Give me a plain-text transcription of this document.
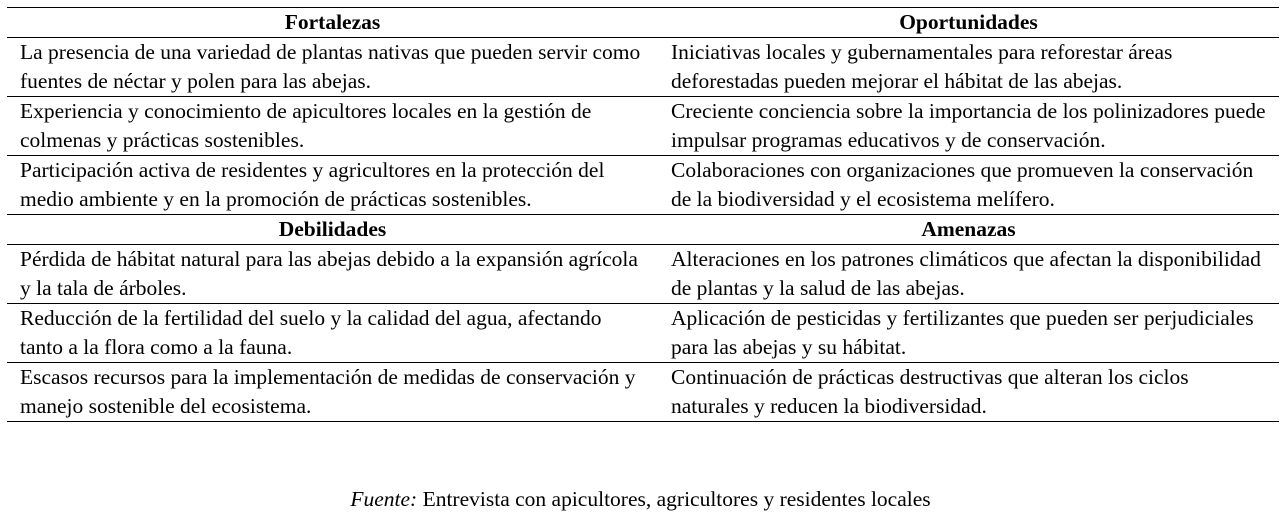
Fortalezas	Oportunidades
La presencia de una variedad de plantas nativas que pueden servir como fuentes de néctar y polen para las abejas.	Iniciativas locales y gubernamentales para reforestar áreas deforestadas pueden mejorar el hábitat de las abejas.
Experiencia y conocimiento de apicultores locales en la gestión de colmenas y prácticas sostenibles.	Creciente conciencia sobre la importancia de los polinizadores puede impulsar programas educativos y de conservación.
Participación activa de residentes y agricultores en la protección del medio ambiente y en la promoción de prácticas sostenibles.	Colaboraciones con organizaciones que promueven la conservación de la biodiversidad y el ecosistema melífero.
Debilidades	Amenazas
Pérdida de hábitat natural para las abejas debido a la expansión agrícola y la tala de árboles.	Alteraciones en los patrones climáticos que afectan la disponibilidad de plantas y la salud de las abejas.
Reducción de la fertilidad del suelo y la calidad del agua, afectando tanto a la flora como a la fauna.	Aplicación de pesticidas y fertilizantes que pueden ser perjudiciales para las abejas y su hábitat.
Escasos recursos para la implementación de medidas de conservación y manejo sostenible del ecosistema.	Continuación de prácticas destructivas que alteran los ciclos naturales y reducen la biodiversidad.
Fuente: Entrevista con apicultores, agricultores y residentes locales
